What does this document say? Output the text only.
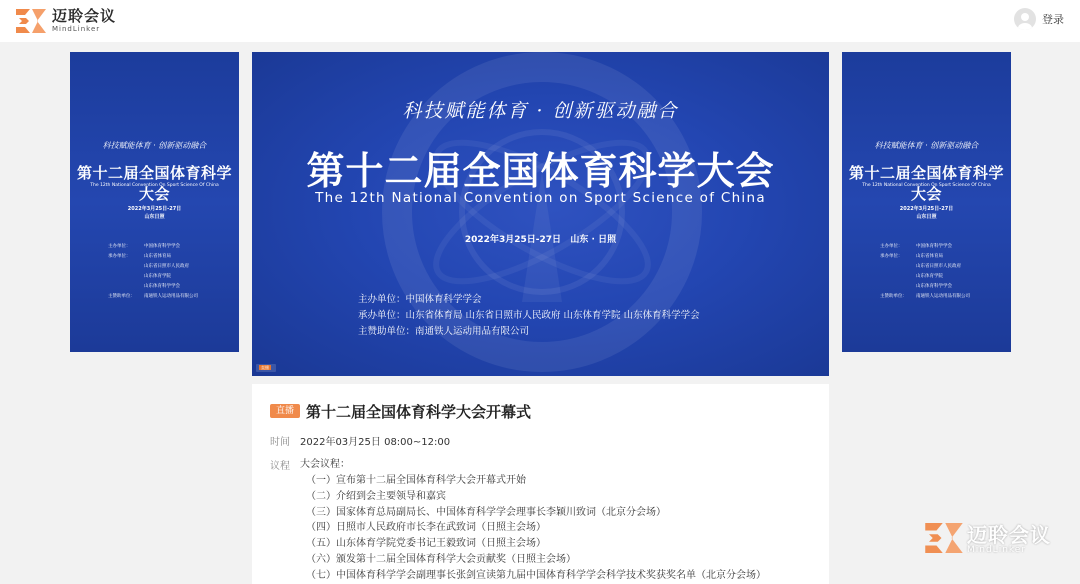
迈聆会议
MindLinker
登录
科技赋能体育 · 创新驱动融合
第十二届全国体育科学大会
The 12th National Convention On Sport Science Of China
2022年3月25日-27日
山东日照
主办单位：	中国体育科学学会
承办单位：	山东省体育局
山东省日照市人民政府
山东体育学院
山东体育科学学会
主赞助单位：	南通铁人运动用品有限公司
科技赋能体育 · 创新驱动融合
第十二届全国体育科学大会
The 12th National Convention on Sport Science of China
2022年3月25日-27日 山东 · 日照
主办单位：中国体育科学学会
承办单位：山东省体育局 山东省日照市人民政府 山东体育学院 山东体育科学学会
主赞助单位：南通铁人运动用品有限公司
直播
科技赋能体育 · 创新驱动融合
第十二届全国体育科学大会
The 12th National Convention On Sport Science Of China
2022年3月25日-27日
山东日照
主办单位：	中国体育科学学会
承办单位：	山东省体育局
山东省日照市人民政府
山东体育学院
山东体育科学学会
主赞助单位：	南通铁人运动用品有限公司
直播 第十二届全国体育科学大会开幕式
时间	2022年03月25日 08:00~12:00
议程	大会议程：
（一）宣布第十二届全国体育科学大会开幕式开始
（二）介绍到会主要领导和嘉宾
（三）国家体育总局副局长、中国体育科学学会理事长李颖川致词（北京分会场）
（四）日照市人民政府市长李在武致词（日照主会场）
（五）山东体育学院党委书记王毅致词（日照主会场）
（六）颁发第十二届全国体育科学大会贡献奖（日照主会场）
（七）中国体育科学学会副理事长张剑宣读第九届中国体育科学学会科学技术奖获奖名单（北京分会场）
迈聆会议
MindLinker
